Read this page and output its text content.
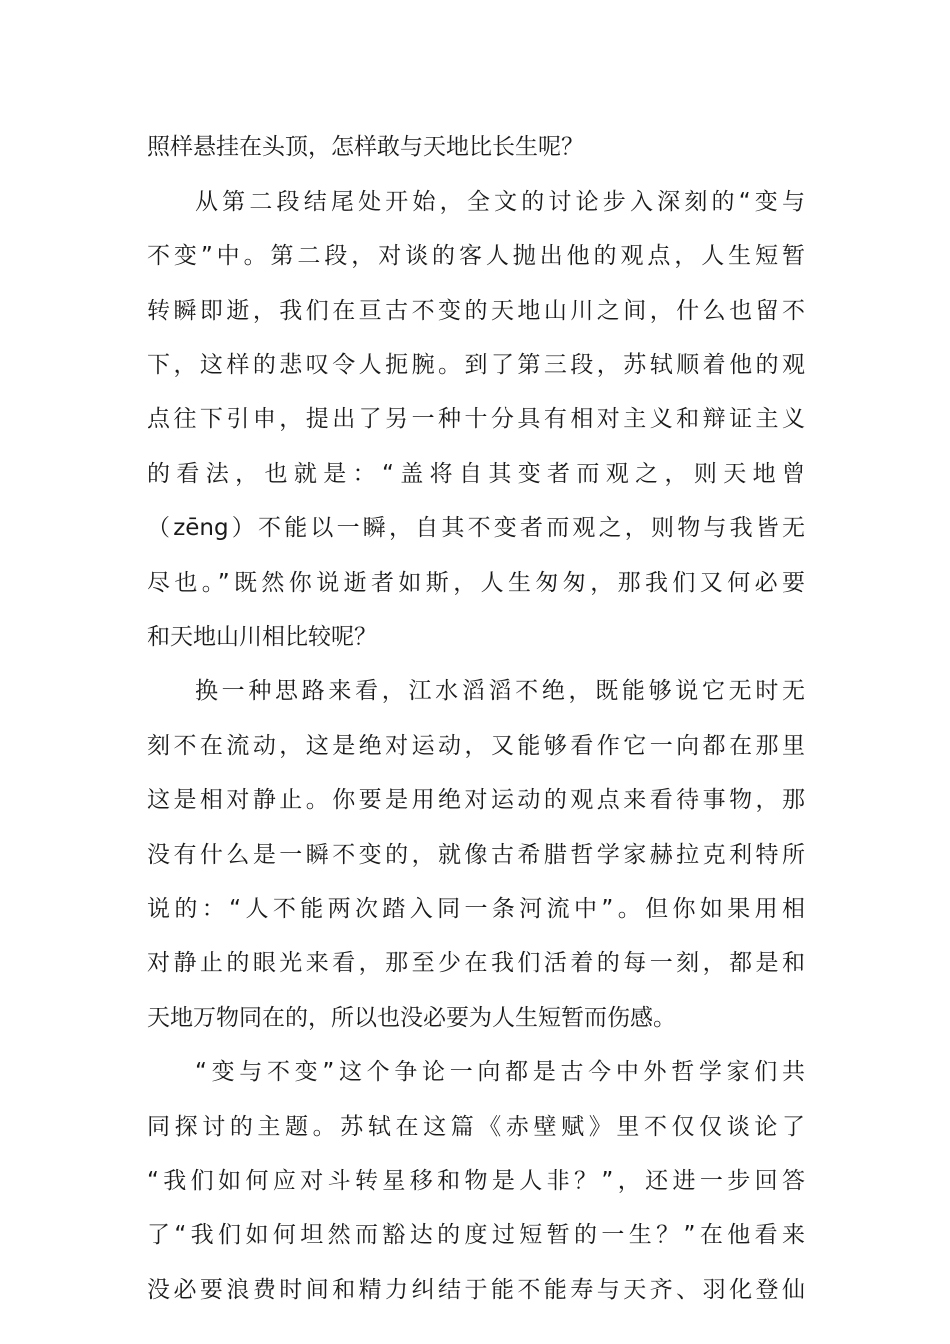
照样悬挂在头顶，怎样敢与天地比长生呢？
从第二段结尾处开始，全文的讨论步入深刻的“变与
不变”中。第二段，对谈的客人抛出他的观点，人生短暂
转瞬即逝，我们在亘古不变的天地山川之间，什么也留不
下，这样的悲叹令人扼腕。到了第三段，苏轼顺着他的观
点往下引申，提出了另一种十分具有相对主义和辩证主义
的看法，也就是：“盖将自其变者而观之，则天地曾
（zēng）不能以一瞬，自其不变者而观之，则物与我皆无
尽也。”既然你说逝者如斯，人生匆匆，那我们又何必要
和天地山川相比较呢？
换一种思路来看，江水滔滔不绝，既能够说它无时无
刻不在流动，这是绝对运动，又能够看作它一向都在那里
这是相对静止。你要是用绝对运动的观点来看待事物，那
没有什么是一瞬不变的，就像古希腊哲学家赫拉克利特所
说的：“人不能两次踏入同一条河流中”。但你如果用相
对静止的眼光来看，那至少在我们活着的每一刻，都是和
天地万物同在的，所以也没必要为人生短暂而伤感。
“变与不变”这个争论一向都是古今中外哲学家们共
同探讨的主题。苏轼在这篇《赤壁赋》里不仅仅谈论了
“我们如何应对斗转星移和物是人非？”，还进一步回答
了“我们如何坦然而豁达的度过短暂的一生？”在他看来
没必要浪费时间和精力纠结于能不能寿与天齐、羽化登仙
